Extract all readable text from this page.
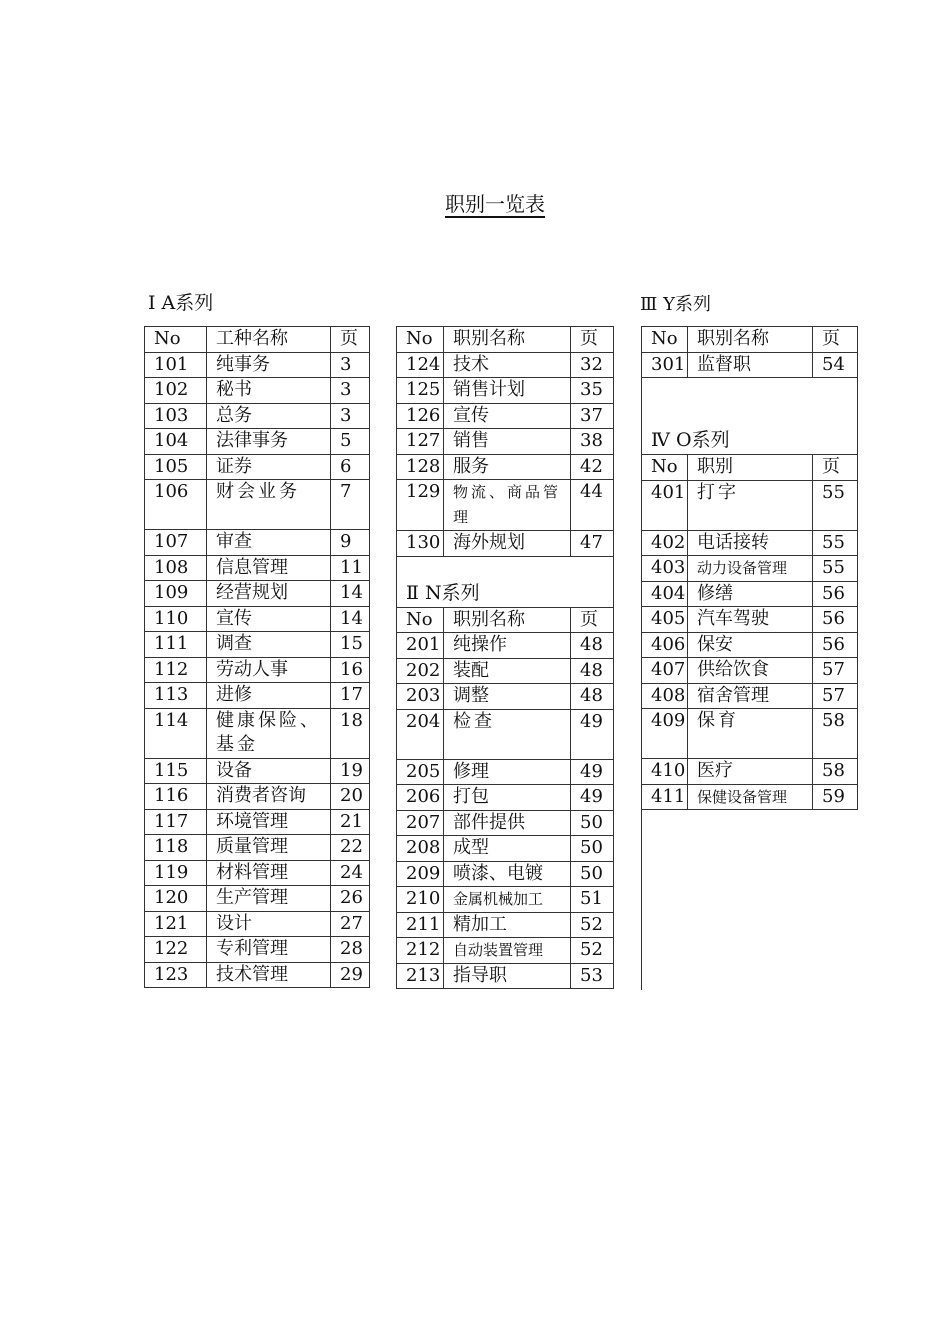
职别一览表
Ⅰ A系列	Ⅲ Y系列
No	工种名称	页
101	纯事务	3
102	秘书	3
103	总务	3
104	法律事务	5
105	证券	6
106	财会业务	7
107	审查	9
108	信息管理	11
109	经营规划	14
110	宣传	14
111	调查	15
112	劳动人事	16
113	进修	17
114	健康保险、基金	18
115	设备	19
116	消费者咨询	20
117	环境管理	21
118	质量管理	22
119	材料管理	24
120	生产管理	26
121	设计	27
122	专利管理	28
123	技术管理	29
No	职别名称	页
124	技术	32
125	销售计划	35
126	宣传	37
127	销售	38
128	服务	42
129	物流、商品管理	44
130	海外规划	47

Ⅱ N系列		

No	职别名称	页
201	纯操作	48
202	装配	48
203	调整	48
204	检查	49
205	修理	49
206	打包	49
207	部件提供	50
208	成型	50
209	喷漆、电镀	50
210	金属机械加工	51
211	精加工	52
212	自动装置管理	52
213	指导职	53
No	职别名称	页
301	监督职	54

Ⅳ O系列		

No	职别	页
401	打字	55
402	电话接转	55
403	动力设备管理	55
404	修缮	56
405	汽车驾驶	56
406	保安	56
407	供给饮食	57
408	宿舍管理	57
409	保育	58
410	医疗	58
411	保健设备管理	59
